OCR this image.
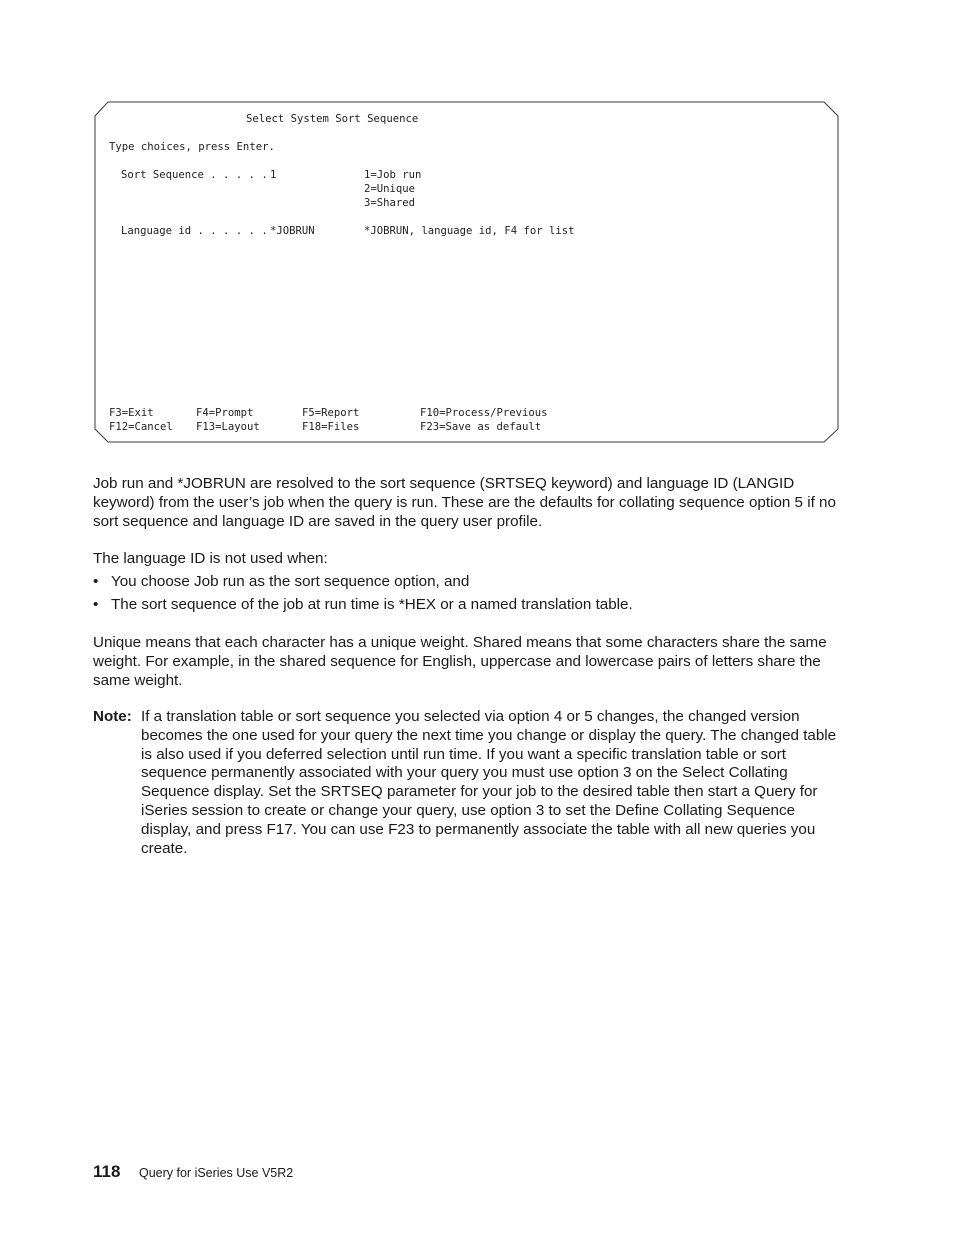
Select System Sort Sequence
Type choices, press Enter.
Sort Sequence . . . . . 1	1=Job run
2=Unique
3=Shared
Language id . . . . . . *JOBRUN	*JOBRUN, language id, F4 for list
F3=Exit	F4=Prompt	F5=Report	F10=Process/Previous
F12=Cancel F13=Layout	F18=Files	F23=Save as default
Job run and *JOBRUN are resolved to the sort sequence (SRTSEQ keyword) and language ID (LANGID keyword) from the user’s job when the query is run. These are the defaults for collating sequence option 5 if no sort sequence and language ID are saved in the query user profile.
The language ID is not used when:
• You choose Job run as the sort sequence option, and
• The sort sequence of the job at run time is *HEX or a named translation table.
Unique means that each character has a unique weight. Shared means that some characters share the same weight. For example, in the shared sequence for English, uppercase and lowercase pairs of letters share the same weight.
Note: If a translation table or sort sequence you selected via option 4 or 5 changes, the changed version becomes the one used for your query the next time you change or display the query. The changed table is also used if you deferred selection until run time. If you want a specific translation table or sort sequence permanently associated with your query you must use option 3 on the Select Collating Sequence display. Set the SRTSEQ parameter for your job to the desired table then start a Query for iSeries session to create or change your query, use option 3 to set the Define Collating Sequence display, and press F17. You can use F23 to permanently associate the table with all new queries you create.
118 Query for iSeries Use V5R2
